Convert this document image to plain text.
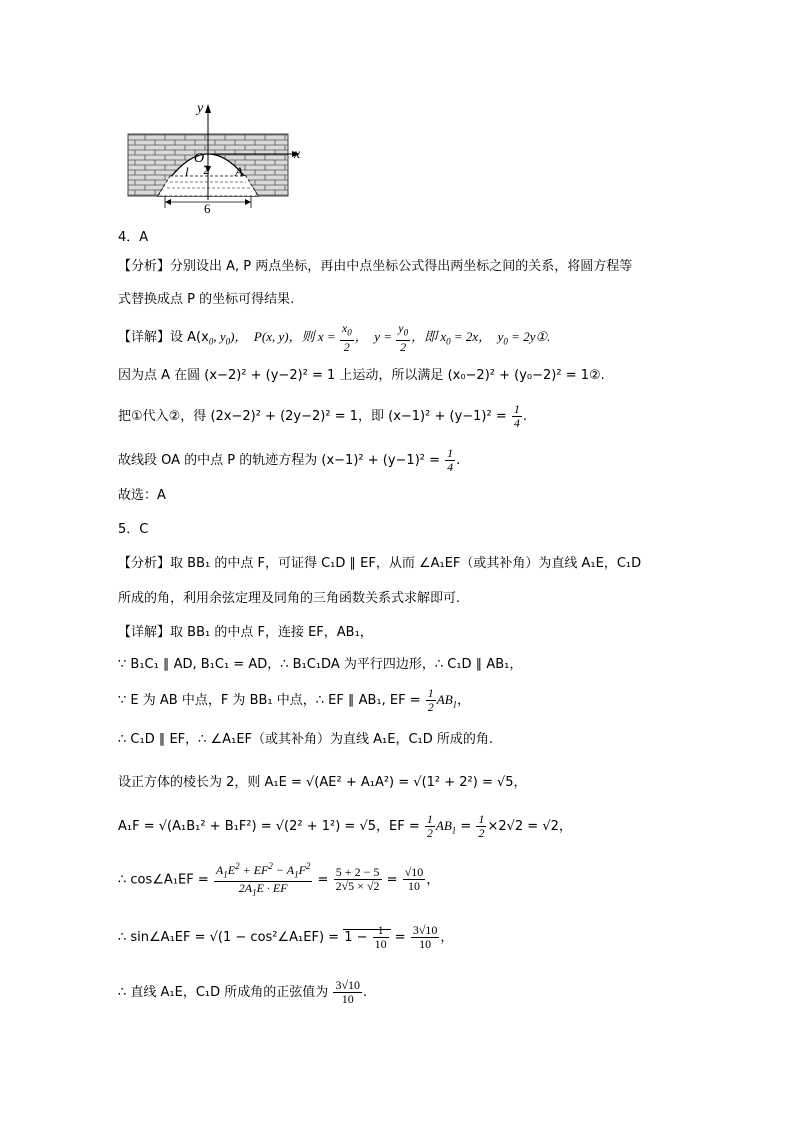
y
x
O
2
l	A
6
4．A
【分析】分别设出 A, P 两点坐标，再由中点坐标公式得出两坐标之间的关系，将圆方程等
式替换成点 P 的坐标可得结果.
【详解】设 $A(x_0$, $y_0$)，  P(x, y)，则 $x = \frac{x_0}{2}$ ，  $y = \frac{y_0}{2}$ ，即 $x_0 = 2x$，  $y_0$ = 2y①.
因为点 A 在圆 (x−2)² + (y−2)² = 1 上运动，所以满足 (x₀−2)² + (y₀−2)² = 1②.
把①代入②，得 (2x−2)² + (2y−2)² = 1，即 $(x-1)^2 + (y-1)^2 = \frac{1}{4}$ .
故线段 OA 的中点 P 的轨迹方程为 $(x-1)^2 + (y-1)^2 = \frac{1}{4}$ .
故选：A
5．C
【分析】取 BB₁ 的中点 F，可证得 C₁D ∥ EF，从而 ∠A₁EF（或其补角）为直线 A₁E，C₁D
所成的角，利用余弦定理及同角的三角函数关系式求解即可.
【详解】取 BB₁ 的中点 F，连接 EF，AB₁，
∵ B₁C₁ ∥ AD, B₁C₁ = AD，∴ B₁C₁DA 为平行四边形，∴ C₁D ∥ AB₁，
∵ E 为 AB 中点，F 为 BB₁ 中点，∴ EF ∥ AB₁, EF = $\frac{1}{2} AB_1$，
∴ C₁D ∥ EF，∴ ∠A₁EF（或其补角）为直线 A₁E，C₁D 所成的角.
设正方体的棱长为 2，则 A₁E = √(AE² + A₁A²) = √(1² + 2²) = √5，
A₁F = √(A₁B₁² + B₁F²) = √(2² + 1²) = √5，EF = $\frac{1}{2} AB_1 = \frac{1}{2} \times 2√2 = √2$，
∴ cos∠A₁EF = $\frac{A_1E^2 + EF^2 - A_1F^2}{2A_1E \cdot EF} = \frac{5 + 2 - 5}{2√5 \times √2} = \frac{√10}{10}$ ，
∴ sin∠A₁EF = √(1 − cos²∠A₁EF) = $1 - \frac{1}{10} = \frac{3√10}{10}$ ，
∴ 直线 A₁E，C₁D 所成角的正弦值为 $\frac{3√10}{10}$ .
